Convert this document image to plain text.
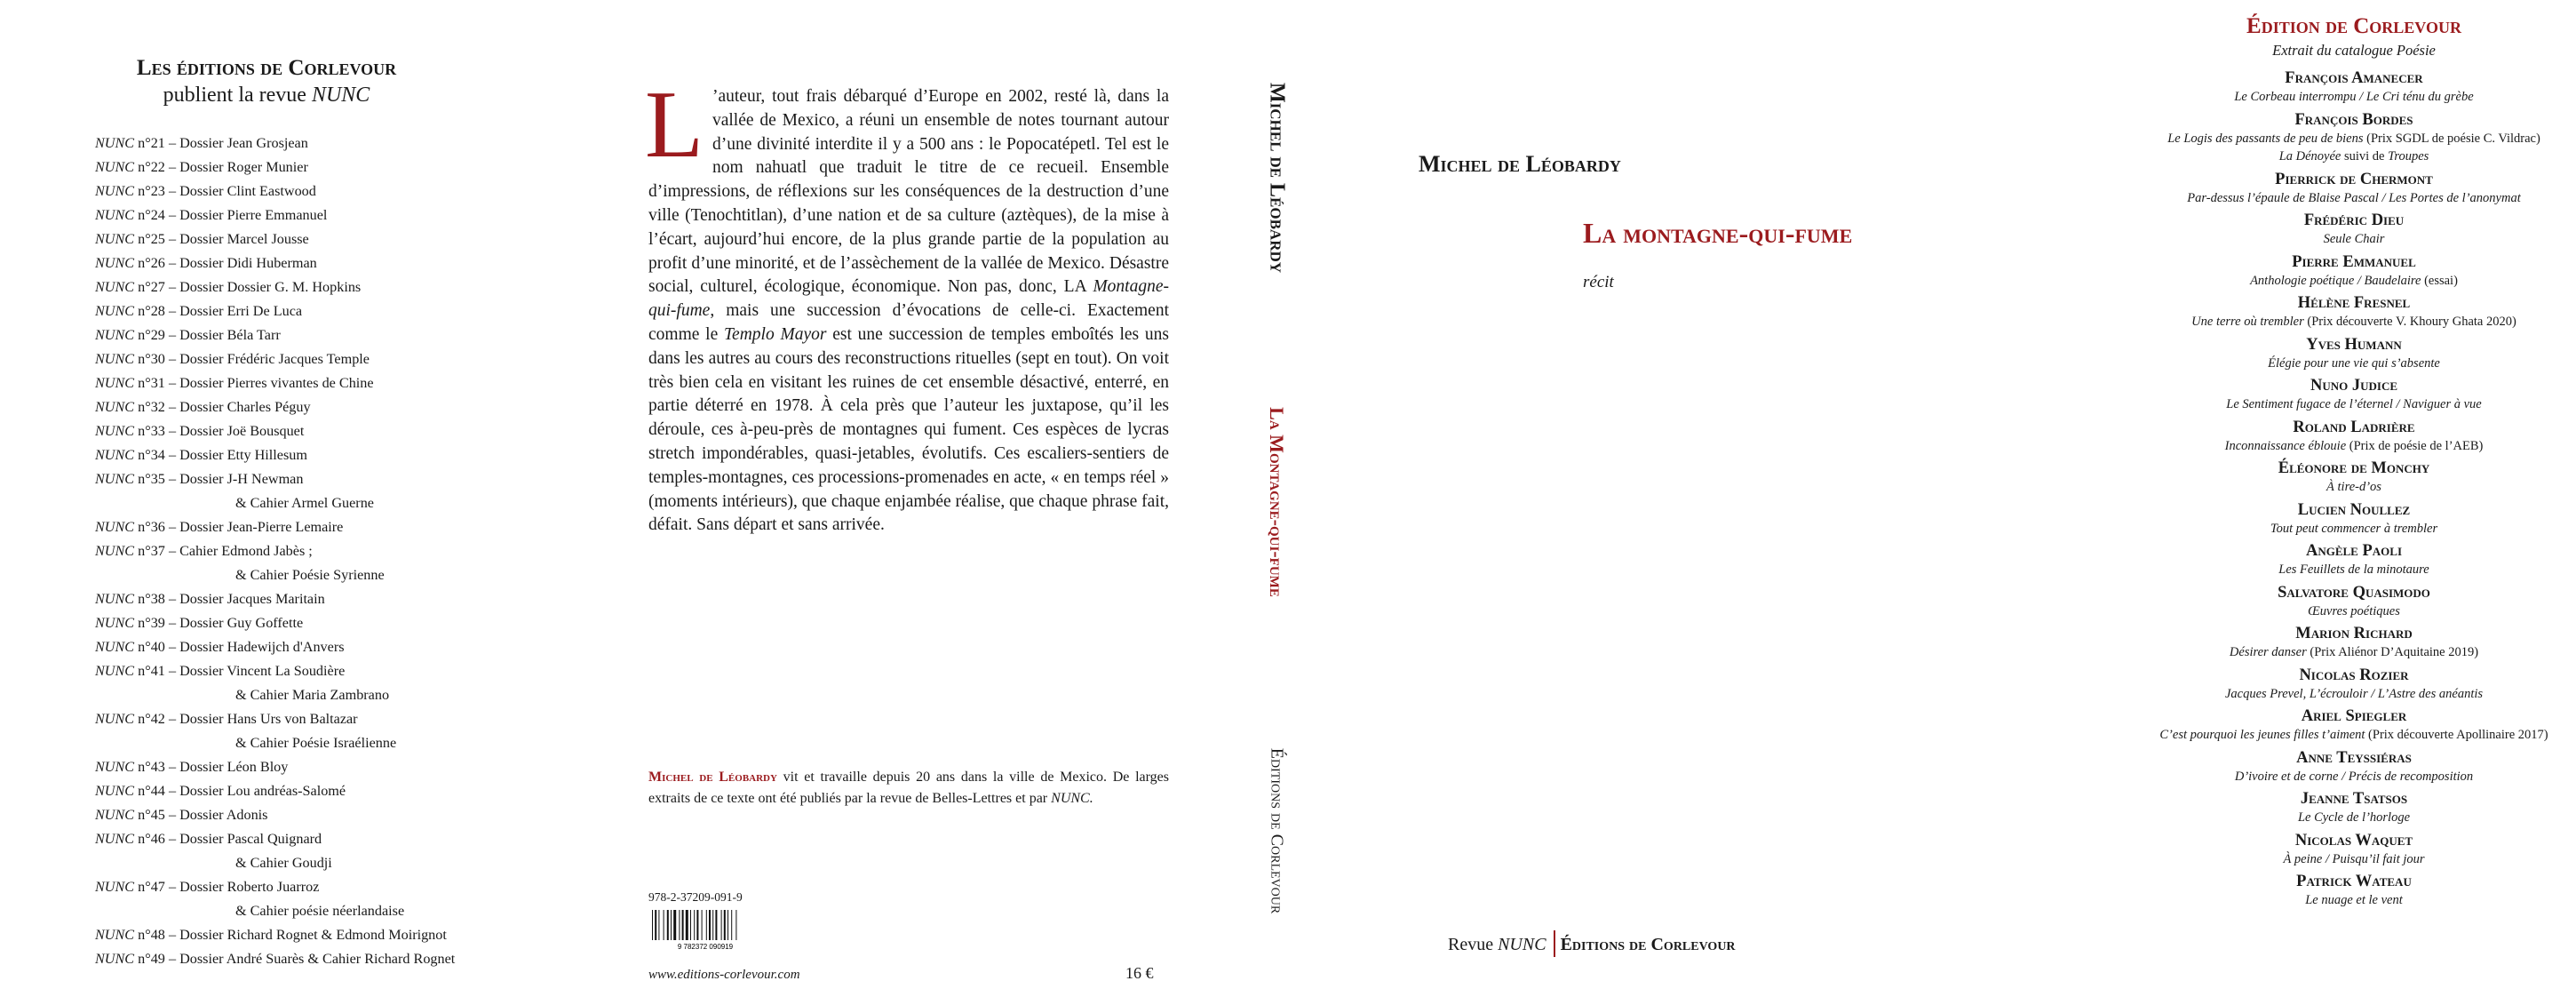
Les éditions de Corlevour
publient la revue NUNC
NUNC n°21 – Dossier Jean Grosjean
NUNC n°22 – Dossier Roger Munier
NUNC n°23 – Dossier Clint Eastwood
NUNC n°24 – Dossier Pierre Emmanuel
NUNC n°25 – Dossier Marcel Jousse
NUNC n°26 – Dossier Didi Huberman
NUNC n°27 – Dossier Dossier G. M. Hopkins
NUNC n°28 – Dossier Erri De Luca
NUNC n°29 – Dossier Béla Tarr
NUNC n°30 – Dossier Frédéric Jacques Temple
NUNC n°31 – Dossier Pierres vivantes de Chine
NUNC n°32 – Dossier Charles Péguy
NUNC n°33 – Dossier Joë Bousquet
NUNC n°34 – Dossier Etty Hillesum
NUNC n°35 – Dossier J-H Newman
& Cahier Armel Guerne
NUNC n°36 – Dossier Jean-Pierre Lemaire
NUNC n°37 – Cahier Edmond Jabès ;
& Cahier Poésie Syrienne
NUNC n°38 – Dossier Jacques Maritain
NUNC n°39 – Dossier Guy Goffette
NUNC n°40 – Dossier Hadewijch d'Anvers
NUNC n°41 – Dossier Vincent La Soudière
& Cahier Maria Zambrano
NUNC n°42 – Dossier Hans Urs von Baltazar
& Cahier Poésie Israélienne
NUNC n°43 – Dossier Léon Bloy
NUNC n°44 – Dossier Lou andréas-Salomé
NUNC n°45 – Dossier Adonis
NUNC n°46 – Dossier Pascal Quignard
& Cahier Goudji
NUNC n°47 – Dossier Roberto Juarroz
& Cahier poésie néerlandaise
NUNC n°48 – Dossier Richard Rognet & Edmond Moirignot
NUNC n°49 – Dossier André Suarès & Cahier Richard Rognet

L ’auteur, tout frais débarqué d’Europe en 2002, resté là, dans la vallée de Mexico, a réuni un ensemble de notes tournant autour d’une divinité interdite il y a 500 ans : le Popocatépetl. Tel est le nom nahuatl que traduit le titre de ce recueil. Ensemble d’impressions, de réflexions sur les conséquences de la destruction d’une ville (Tenochtitlan), d’une nation et de sa culture (aztèques), de la mise à l’écart, aujourd’hui encore, de la plus grande partie de la population au profit d’une minorité, et de l’assèchement de la vallée de Mexico. Désastre social, culturel, écologique, économique. Non pas, donc, LA Montagne-qui-fume, mais une succession d’évocations de celle-ci. Exactement comme le Templo Mayor est une succession de temples emboîtés les uns dans les autres au cours des reconstructions rituelles (sept en tout). On voit très bien cela en visitant les ruines de cet ensemble désactivé, enterré, en partie déterré en 1978. À cela près que l’auteur les juxtapose, qu’il les déroule, ces à-peu-près de montagnes qui fument. Ces espèces de lycras stretch impondérables, quasi-jetables, évolutifs. Ces escaliers-sentiers de temples-montagnes, ces processions-promenades en acte, « en temps réel » (moments intérieurs), que chaque enjambée réalise, que chaque phrase fait, défait. Sans départ et sans arrivée.

Michel de Léobardy vit et travaille depuis 20 ans dans la ville de Mexico. De larges extraits de ce texte ont été publiés par la revue de Belles-Lettres et par NUNC.

978-2-37209-091-9
9 782372 090919
www.editions-corlevour.com	16 €
Michel de Léobardy
La Montagne-qui-fume
Éditions de Corlevour
Michel de Léobardy
La montagne-qui-fume
récit
Revue NUNC Éditions de Corlevour
Édition de Corlevour
Extrait du catalogue Poésie
François Amanecer
Le Corbeau interrompu / Le Cri ténu du grèbe
François Bordes
Le Logis des passants de peu de biens (Prix SGDL de poésie C. Vildrac)
La Dénoyée suivi de Troupes
Pierrick de Chermont
Par-dessus l’épaule de Blaise Pascal / Les Portes de l’anonymat
Frédéric Dieu
Seule Chair
Pierre Emmanuel
Anthologie poétique / Baudelaire (essai)
Hélène Fresnel
Une terre où trembler (Prix découverte V. Khoury Ghata 2020)
Yves Humann
Élégie pour une vie qui s’absente
Nuno Judice
Le Sentiment fugace de l’éternel / Naviguer à vue
Roland Ladrière
Inconnaissance éblouie (Prix de poésie de l’AEB)
Éléonore de Monchy
À tire-d’os
Lucien Noullez
Tout peut commencer à trembler
Angèle Paoli
Les Feuillets de la minotaure
Salvatore Quasimodo
Œuvres poétiques
Marion Richard
Désirer danser (Prix Aliénor D’Aquitaine 2019)
Nicolas Rozier
Jacques Prevel, L’écrouloir / L’Astre des anéantis
Ariel Spiegler
C’est pourquoi les jeunes filles t’aiment (Prix découverte Apollinaire 2017)
Anne Teyssiéras
D’ivoire et de corne / Précis de recomposition
Jeanne Tsatsos
Le Cycle de l’horloge
Nicolas Waquet
À peine / Puisqu’il fait jour
Patrick Wateau
Le nuage et le vent
